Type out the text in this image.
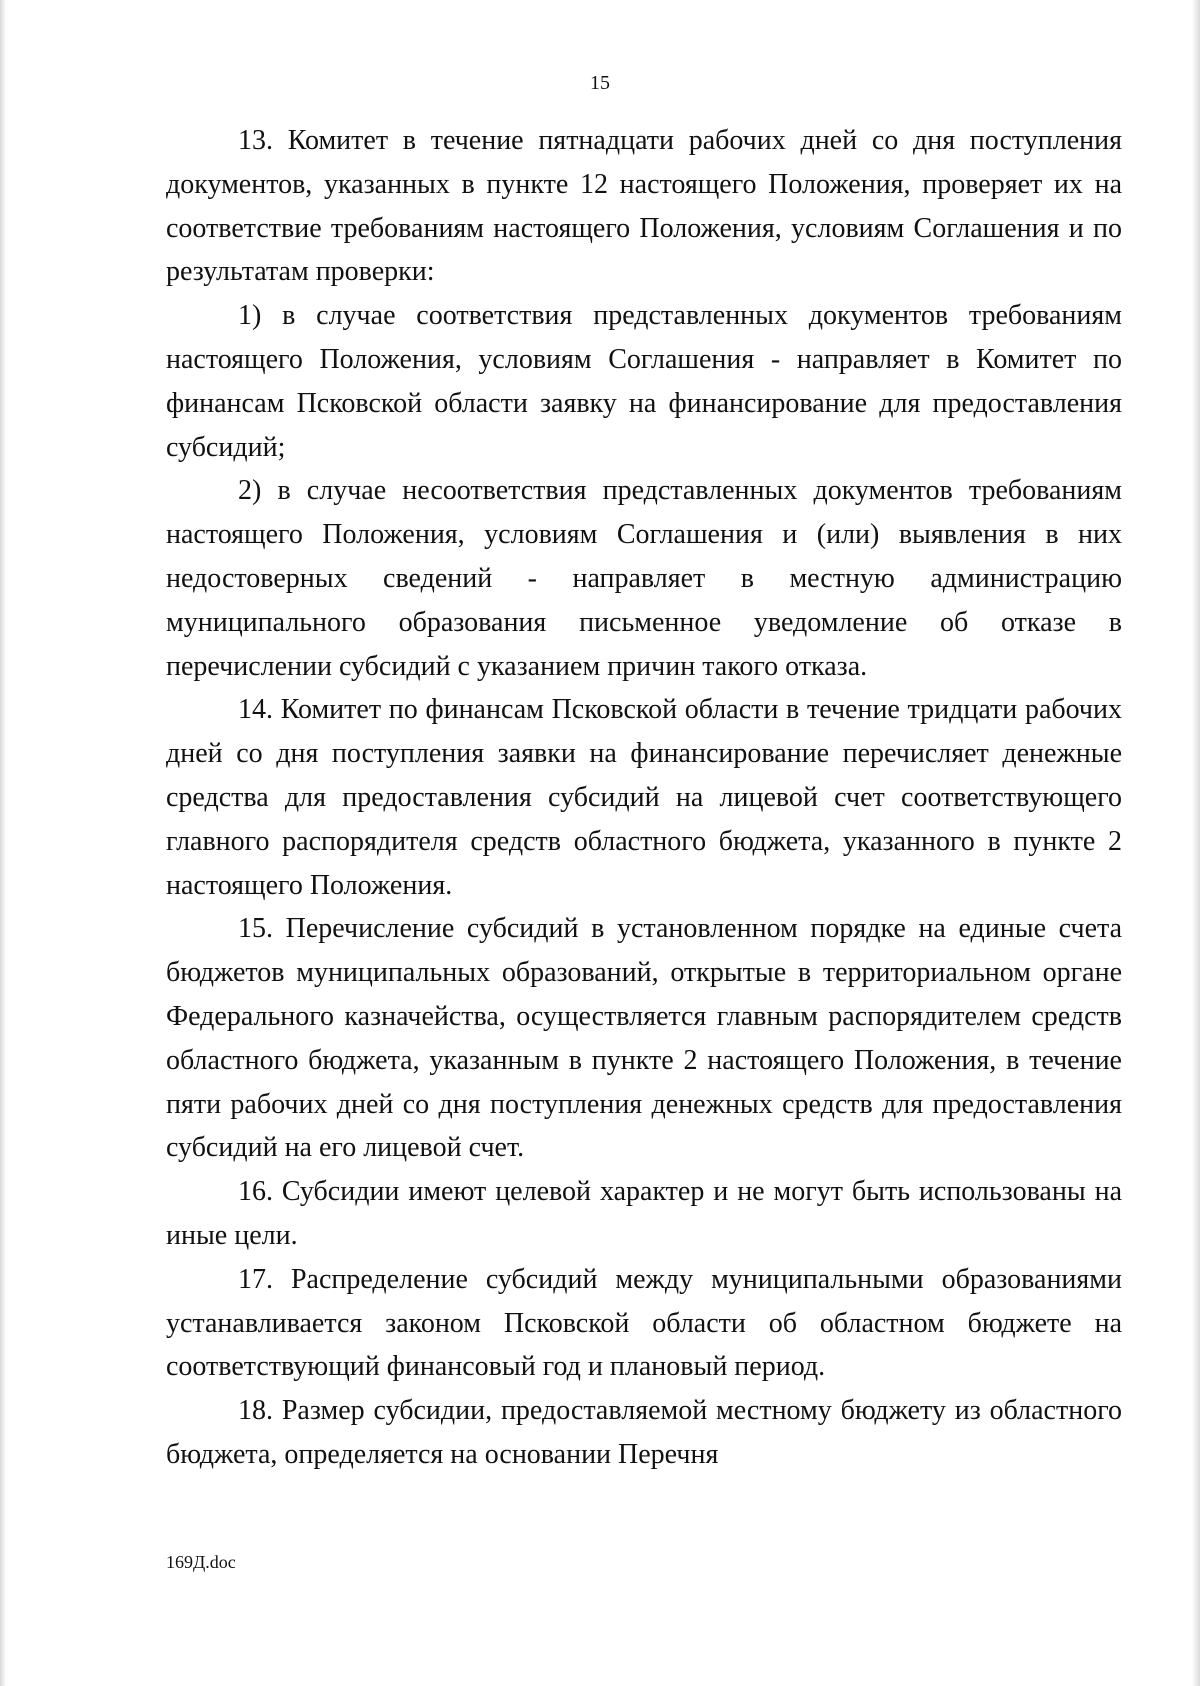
15

13. Комитет в течение пятнадцати рабочих дней со дня поступления документов, указанных в пункте 12 настоящего Положения, проверяет их на соответствие требованиям настоящего Положения, условиям Соглашения и по результатам проверки:

1) в случае соответствия представленных документов требованиям настоящего Положения, условиям Соглашения - направляет в Комитет по финансам Псковской области заявку на финансирование для предоставления субсидий;

2) в случае несоответствия представленных документов требованиям настоящего Положения, условиям Соглашения и (или) выявления в них недостоверных сведений - направляет в местную администрацию муниципального образования письменное уведомление об отказе в перечислении субсидий с указанием причин такого отказа.

14. Комитет по финансам Псковской области в течение тридцати рабочих дней со дня поступления заявки на финансирование перечисляет денежные средства для предоставления субсидий на лицевой счет соответствующего главного распорядителя средств областного бюджета, указанного в пункте 2 настоящего Положения.

15. Перечисление субсидий в установленном порядке на единые счета бюджетов муниципальных образований, открытые в территориальном органе Федерального казначейства, осуществляется главным распорядителем средств областного бюджета, указанным в пункте 2 настоящего Положения, в течение пяти рабочих дней со дня поступления денежных средств для предоставления субсидий на его лицевой счет.

16. Субсидии имеют целевой характер и не могут быть использованы на иные цели.

17. Распределение субсидий между муниципальными образованиями устанавливается законом Псковской области об областном бюджете на соответствующий финансовый год и плановый период.

18. Размер субсидии, предоставляемой местному бюджету из областного бюджета, определяется на основании Перечня

169Д.doc
